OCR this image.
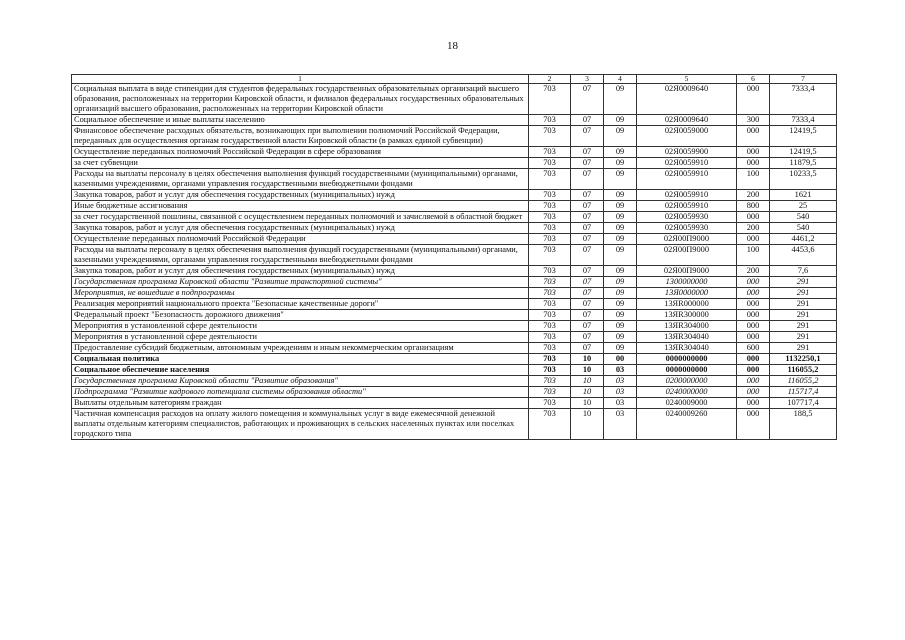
18
1	2	3	4	5	6	7
Социальная выплата в виде стипендии для студентов федеральных государственных образовательных организаций высшего образования, расположенных на территории Кировской области, и филиалов федеральных государственных образовательных организаций высшего образования, расположенных на территории Кировской области	703	07	09	02Я0009640	000	7333,4
Социальное обеспечение и иные выплаты населению	703	07	09	02Я0009640	300	7333,4
Финансовое обеспечение расходных обязательств, возникающих при выполнении полномочий Российской Федерации, переданных для осуществления органам государственной власти Кировской области (в рамках единой субвенции)	703	07	09	02Я0059000	000	12419,5
Осуществление переданных полномочий Российской Федерации в сфере образования	703	07	09	02Я0059900	000	12419,5
за счет субвенции	703	07	09	02Я0059910	000	11879,5
Расходы на выплаты персоналу в целях обеспечения выполнения функций государственными (муниципальными) органами, казенными учреждениями, органами управления государственными внебюджетными фондами	703	07	09	02Я0059910	100	10233,5
Закупка товаров, работ и услуг для обеспечения государственных (муниципальных) нужд	703	07	09	02Я0059910	200	1621
Иные бюджетные ассигнования	703	07	09	02Я0059910	800	25
за счет государственной пошлины, связанной с осуществлением переданных полномочий и зачисляемой в областной бюджет	703	07	09	02Я0059930	000	540
Закупка товаров, работ и услуг для обеспечения государственных (муниципальных) нужд	703	07	09	02Я0059930	200	540
Осуществление переданных полномочий Российской Федерации	703	07	09	02Я00П9000	000	4461,2
Расходы на выплаты персоналу в целях обеспечения выполнения функций государственными (муниципальными) органами, казенными учреждениями, органами управления государственными внебюджетными фондами	703	07	09	02Я00П9000	100	4453,6
Закупка товаров, работ и услуг для обеспечения государственных (муниципальных) нужд	703	07	09	02Я00П9000	200	7,6
Государственная программа Кировской области "Развитие транспортной системы"	703	07	09	1300000000	000	291
Мероприятия, не вошедшие в подпрограммы	703	07	09	13Я0000000	000	291
Реализация мероприятий национального проекта "Безопасные качественные дороги"	703	07	09	13ЯR000000	000	291
Федеральный проект "Безопасность дорожного движения"	703	07	09	13ЯR300000	000	291
Мероприятия в установленной сфере деятельности	703	07	09	13ЯR304000	000	291
Мероприятия в установленной сфере деятельности	703	07	09	13ЯR304040	000	291
Предоставление субсидий бюджетным, автономным учреждениям и иным некоммерческим организациям	703	07	09	13ЯR304040	600	291
Социальная политика	703	10	00	0000000000	000	1132250,1
Социальное обеспечение населения	703	10	03	0000000000	000	116055,2
Государственная программа Кировской области "Развитие образования"	703	10	03	0200000000	000	116055,2
Подпрограмма "Развитие кадрового потенциала системы образования области"	703	10	03	0240000000	000	115717,4
Выплаты отдельным категориям граждан	703	10	03	0240009000	000	107717,4
Частичная компенсация расходов на оплату жилого помещения и коммунальных услуг в виде ежемесячной денежной выплаты отдельным категориям специалистов, работающих и проживающих в сельских населенных пунктах или поселках городского типа	703	10	03	0240009260	000	188,5
